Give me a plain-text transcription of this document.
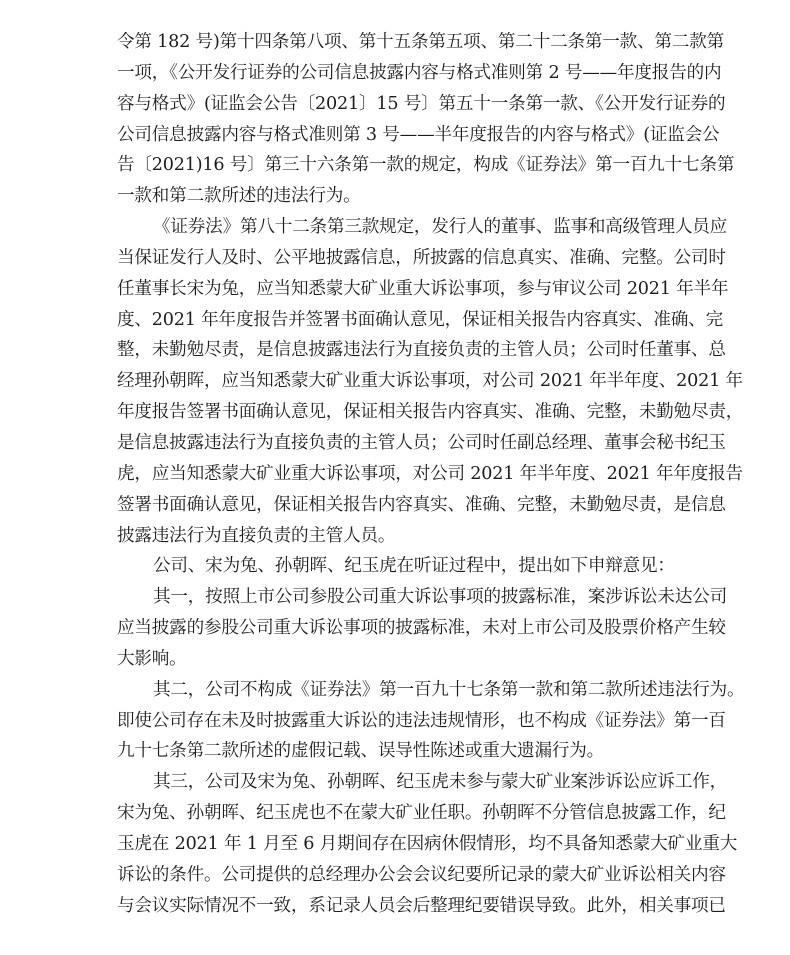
令第 182 号)第十四条第八项、第十五条第五项、第二十二条第一款、第二款第
一项，《公开发行证券的公司信息披露内容与格式准则第 2 号——年度报告的内
容与格式》(证监会公告〔2021〕15 号〕第五十一条第一款、《公开发行证券的
公司信息披露内容与格式准则第 3 号——半年度报告的内容与格式》(证监会公
告〔2021)16 号〕第三十六条第一款的规定，构成《证券法》第一百九十七条第
一款和第二款所述的违法行为。
《证券法》第八十二条第三款规定，发行人的董事、监事和高级管理人员应
当保证发行人及时、公平地披露信息，所披露的信息真实、准确、完整。公司时
任董事长宋为兔，应当知悉蒙大矿业重大诉讼事项，参与审议公司 2021 年半年
度、2021 年年度报告并签署书面确认意见，保证相关报告内容真实、准确、完
整，未勤勉尽责，是信息披露违法行为直接负责的主管人员；公司时任董事、总
经理孙朝晖，应当知悉蒙大矿业重大诉讼事项，对公司 2021 年半年度、2021 年
年度报告签署书面确认意见，保证相关报告内容真实、准确、完整，未勤勉尽责，
是信息披露违法行为直接负责的主管人员；公司时任副总经理、董事会秘书纪玉
虎，应当知悉蒙大矿业重大诉讼事项，对公司 2021 年半年度、2021 年年度报告
签署书面确认意见，保证相关报告内容真实、准确、完整，未勤勉尽责，是信息
披露违法行为直接负责的主管人员。
公司、宋为兔、孙朝晖、纪玉虎在听证过程中，提出如下申辩意见：
其一，按照上市公司参股公司重大诉讼事项的披露标准，案涉诉讼未达公司
应当披露的参股公司重大诉讼事项的披露标准，未对上市公司及股票价格产生较
大影响。
其二，公司不构成《证券法》第一百九十七条第一款和第二款所述违法行为。
即使公司存在未及时披露重大诉讼的违法违规情形，也不构成《证券法》第一百
九十七条第二款所述的虚假记载、误导性陈述或重大遗漏行为。
其三，公司及宋为兔、孙朝晖、纪玉虎未参与蒙大矿业案涉诉讼应诉工作，
宋为兔、孙朝晖、纪玉虎也不在蒙大矿业任职。孙朝晖不分管信息披露工作，纪
玉虎在 2021 年 1 月至 6 月期间存在因病休假情形，均不具备知悉蒙大矿业重大
诉讼的条件。公司提供的总经理办公会会议纪要所记录的蒙大矿业诉讼相关内容
与会议实际情况不一致，系记录人员会后整理纪要错误导致。此外，相关事项已
